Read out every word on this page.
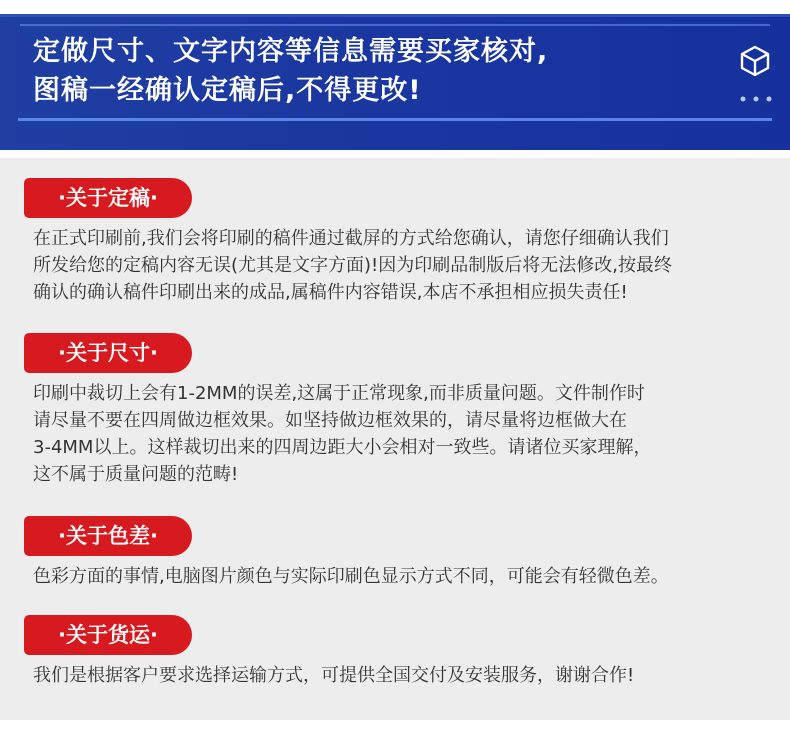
定做尺寸、文字内容等信息需要买家核对,
图稿一经确认定稿后,不得更改!
·关于定稿·
在正式印刷前,我们会将印刷的稿件通过截屏的方式给您确认，请您仔细确认我们
所发给您的定稿内容无误(尤其是文字方面)!因为印刷品制版后将无法修改,按最终
确认的确认稿件印刷出来的成品,属稿件内容错误,本店不承担相应损失责任!
·关于尺寸·
印刷中裁切上会有1-2MM的误差,这属于正常现象,而非质量问题。文件制作时
请尽量不要在四周做边框效果。如坚持做边框效果的，请尽量将边框做大在
3-4MM以上。这样裁切出来的四周边距大小会相对一致些。请诸位买家理解，
这不属于质量问题的范畴!
·关于色差·
色彩方面的事情,电脑图片颜色与实际印刷色显示方式不同，可能会有轻微色差。
·关于货运·
我们是根据客户要求选择运输方式，可提供全国交付及安装服务，谢谢合作!
